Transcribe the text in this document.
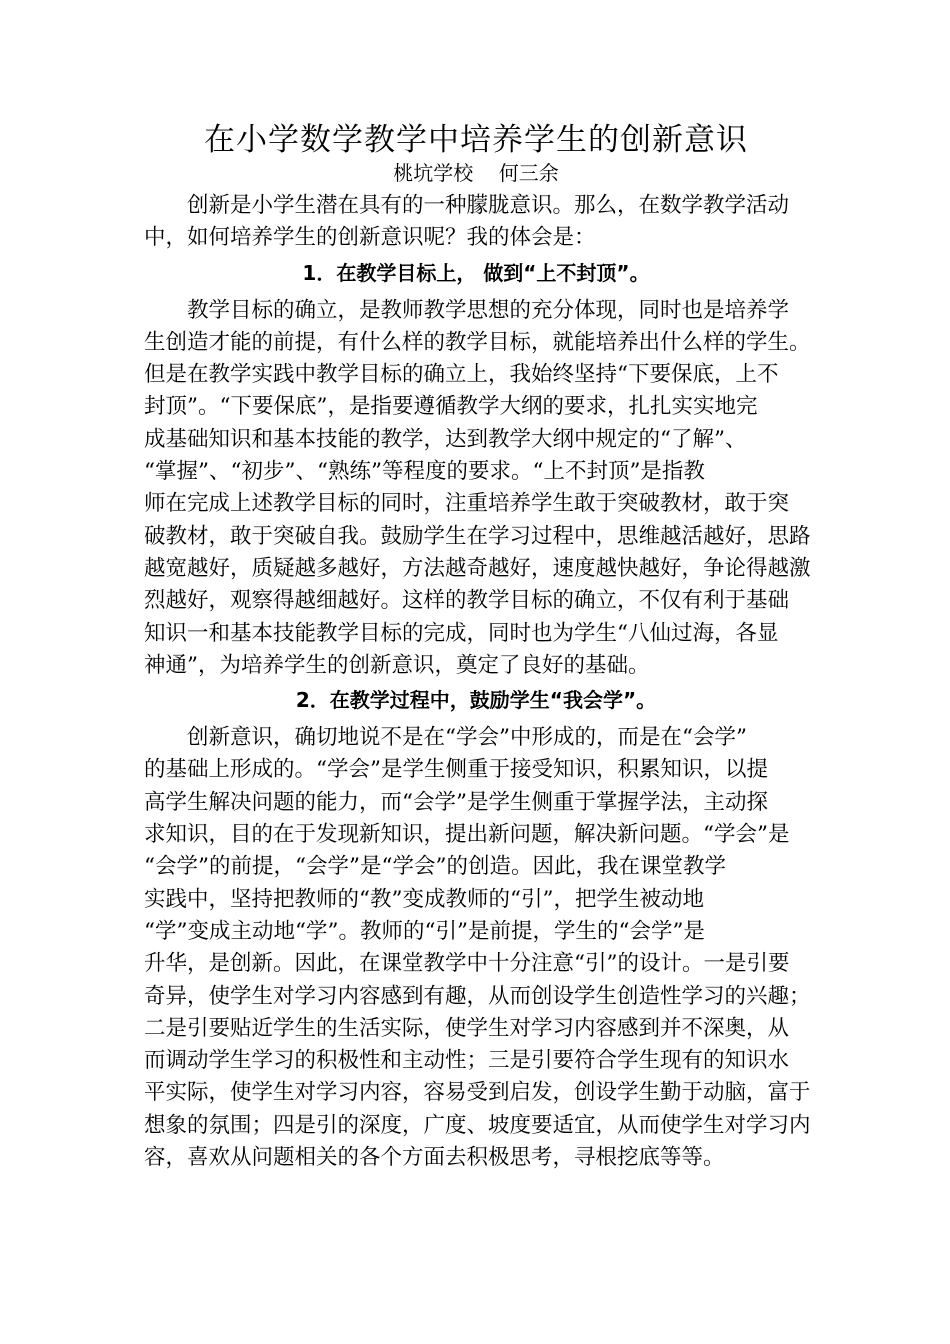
在小学数学教学中培养学生的创新意识

桃坑学校    何三余

创新是小学生潜在具有的一种朦胧意识。那么，在数学教学活动
中，如何培养学生的创新意识呢？我的体会是：

1．在教学目标上， 做到“上不封顶”。

教学目标的确立，是教师教学思想的充分体现，同时也是培养学
生创造才能的前提，有什么样的教学目标，就能培养出什么样的学生。
但是在教学实践中教学目标的确立上，我始终坚持“下要保底，上不
封顶”。“下要保底”，是指要遵循教学大纲的要求，扎扎实实地完
成基础知识和基本技能的教学，达到教学大纲中规定的“了解”、
“掌握”、“初步”、“熟练”等程度的要求。“上不封顶”是指教
师在完成上述教学目标的同时，注重培养学生敢于突破教材，敢于突
破教材，敢于突破自我。鼓励学生在学习过程中，思维越活越好，思路
越宽越好，质疑越多越好，方法越奇越好，速度越快越好，争论得越激
烈越好，观察得越细越好。这样的教学目标的确立，不仅有利于基础
知识一和基本技能教学目标的完成，同时也为学生“八仙过海，各显
神通”，为培养学生的创新意识，奠定了良好的基础。

2．在教学过程中，鼓励学生“我会学”。

创新意识，确切地说不是在“学会”中形成的，而是在“会学”
的基础上形成的。“学会”是学生侧重于接受知识，积累知识，以提
高学生解决问题的能力，而“会学”是学生侧重于掌握学法，主动探
求知识，目的在于发现新知识，提出新问题，解决新问题。“学会”是
“会学”的前提，“会学”是“学会”的创造。因此，我在课堂教学
实践中，坚持把教师的“教”变成教师的“引”，把学生被动地
“学”变成主动地“学”。教师的“引”是前提，学生的“会学”是
升华，是创新。因此，在课堂教学中十分注意“引”的设计。一是引要
奇异，使学生对学习内容感到有趣，从而创设学生创造性学习的兴趣；
二是引要贴近学生的生活实际，使学生对学习内容感到并不深奥，从
而调动学生学习的积极性和主动性；三是引要符合学生现有的知识水
平实际，使学生对学习内容，容易受到启发，创设学生勤于动脑，富于
想象的氛围；四是引的深度，广度、坡度要适宜，从而使学生对学习内
容，喜欢从问题相关的各个方面去积极思考，寻根挖底等等。
